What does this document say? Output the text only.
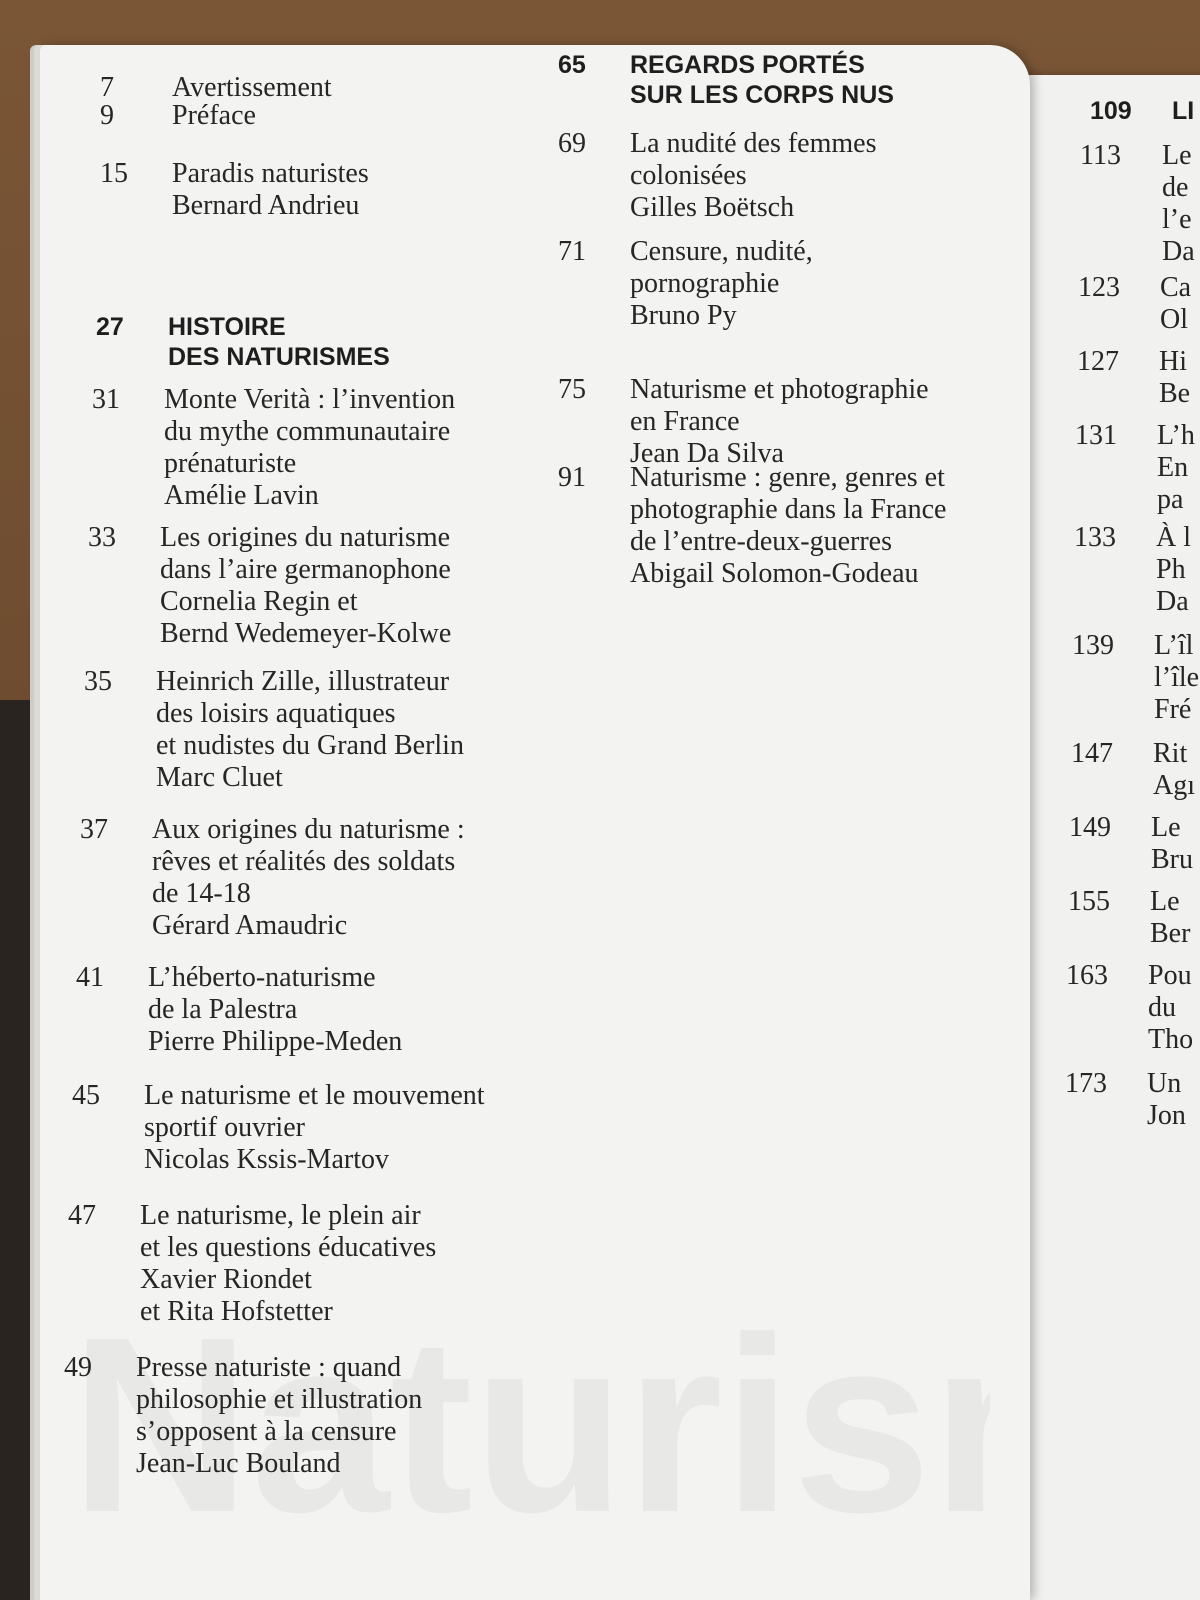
7 Avertissement
9 Préface
15 Paradis naturistes
Bernard Andrieu
27 HISTOIRE
DES NATURISMES
31 Monte Verità : l’invention
du mythe communautaire
prénaturiste
Amélie Lavin
33 Les origines du naturisme
dans l’aire germanophone
Cornelia Regin et
Bernd Wedemeyer-Kolwe
35 Heinrich Zille, illustrateur
des loisirs aquatiques
et nudistes du Grand Berlin
Marc Cluet
37 Aux origines du naturisme :
rêves et réalités des soldats
de 14-18
Gérard Amaudric
41 L’héberto-naturisme
de la Palestra
Pierre Philippe-Meden
45 Le naturisme et le mouvement
sportif ouvrier
Nicolas Kssis-Martov
47 Le naturisme, le plein air
et les questions éducatives
Xavier Riondet
et Rita Hofstetter
49 Presse naturiste : quand
philosophie et illustration
s’opposent à la censure
Jean-Luc Bouland
65 REGARDS PORTÉS
SUR LES CORPS NUS
69 La nudité des femmes
colonisées
Gilles Boëtsch
71 Censure, nudité,
pornographie
Bruno Py
75 Naturisme et photographie
en France
Jean Da Silva
91 Naturisme : genre, genres et
photographie dans la France
de l’entre-deux-guerres
Abigail Solomon-Godeau
109 LI
113 Le
de
l’e
Da
123 Ca
Ol
127 Hi
Be
131 L’h
En
pa
133 À l
Ph
Da
139 L’îl
l’île
Fré
147 Rit
Agı
149 Le
Bru
155 Le
Ber
163 Pou
du
Tho
173 Un
Jon
